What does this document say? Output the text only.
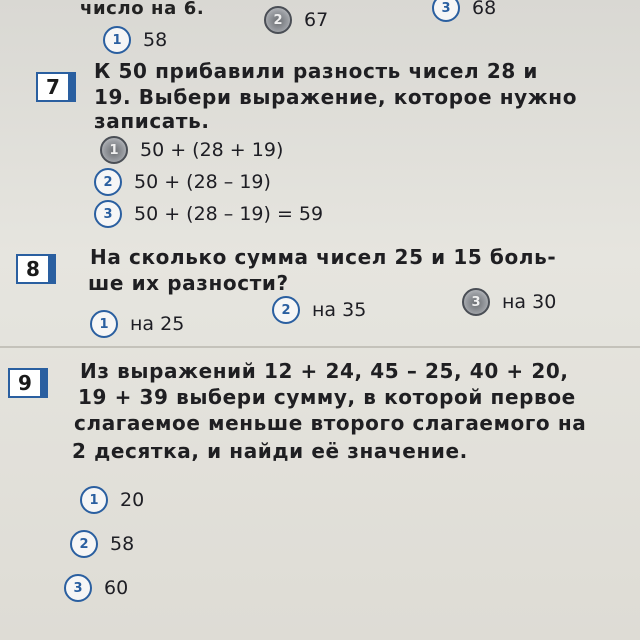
число на 6.
1	58
2	67
3	68
7
К 50 прибавили разность чисел 28 и
19. Выбери выражение, которое нужно
записать.
1	50 + (28 + 19)
2	50 + (28 – 19)
3	50 + (28 – 19) = 59
8	На сколько сумма чисел 25 и 15 боль-
ше их разности?
1	на 25
2	на 35	3	на 30
9	Из выражений 12 + 24, 45 – 25, 40 + 20,
19 + 39 выбери сумму, в которой первое
слагаемое меньше второго слагаемого на
2 десятка, и найди её значение.
1	20
2	58
3	60
